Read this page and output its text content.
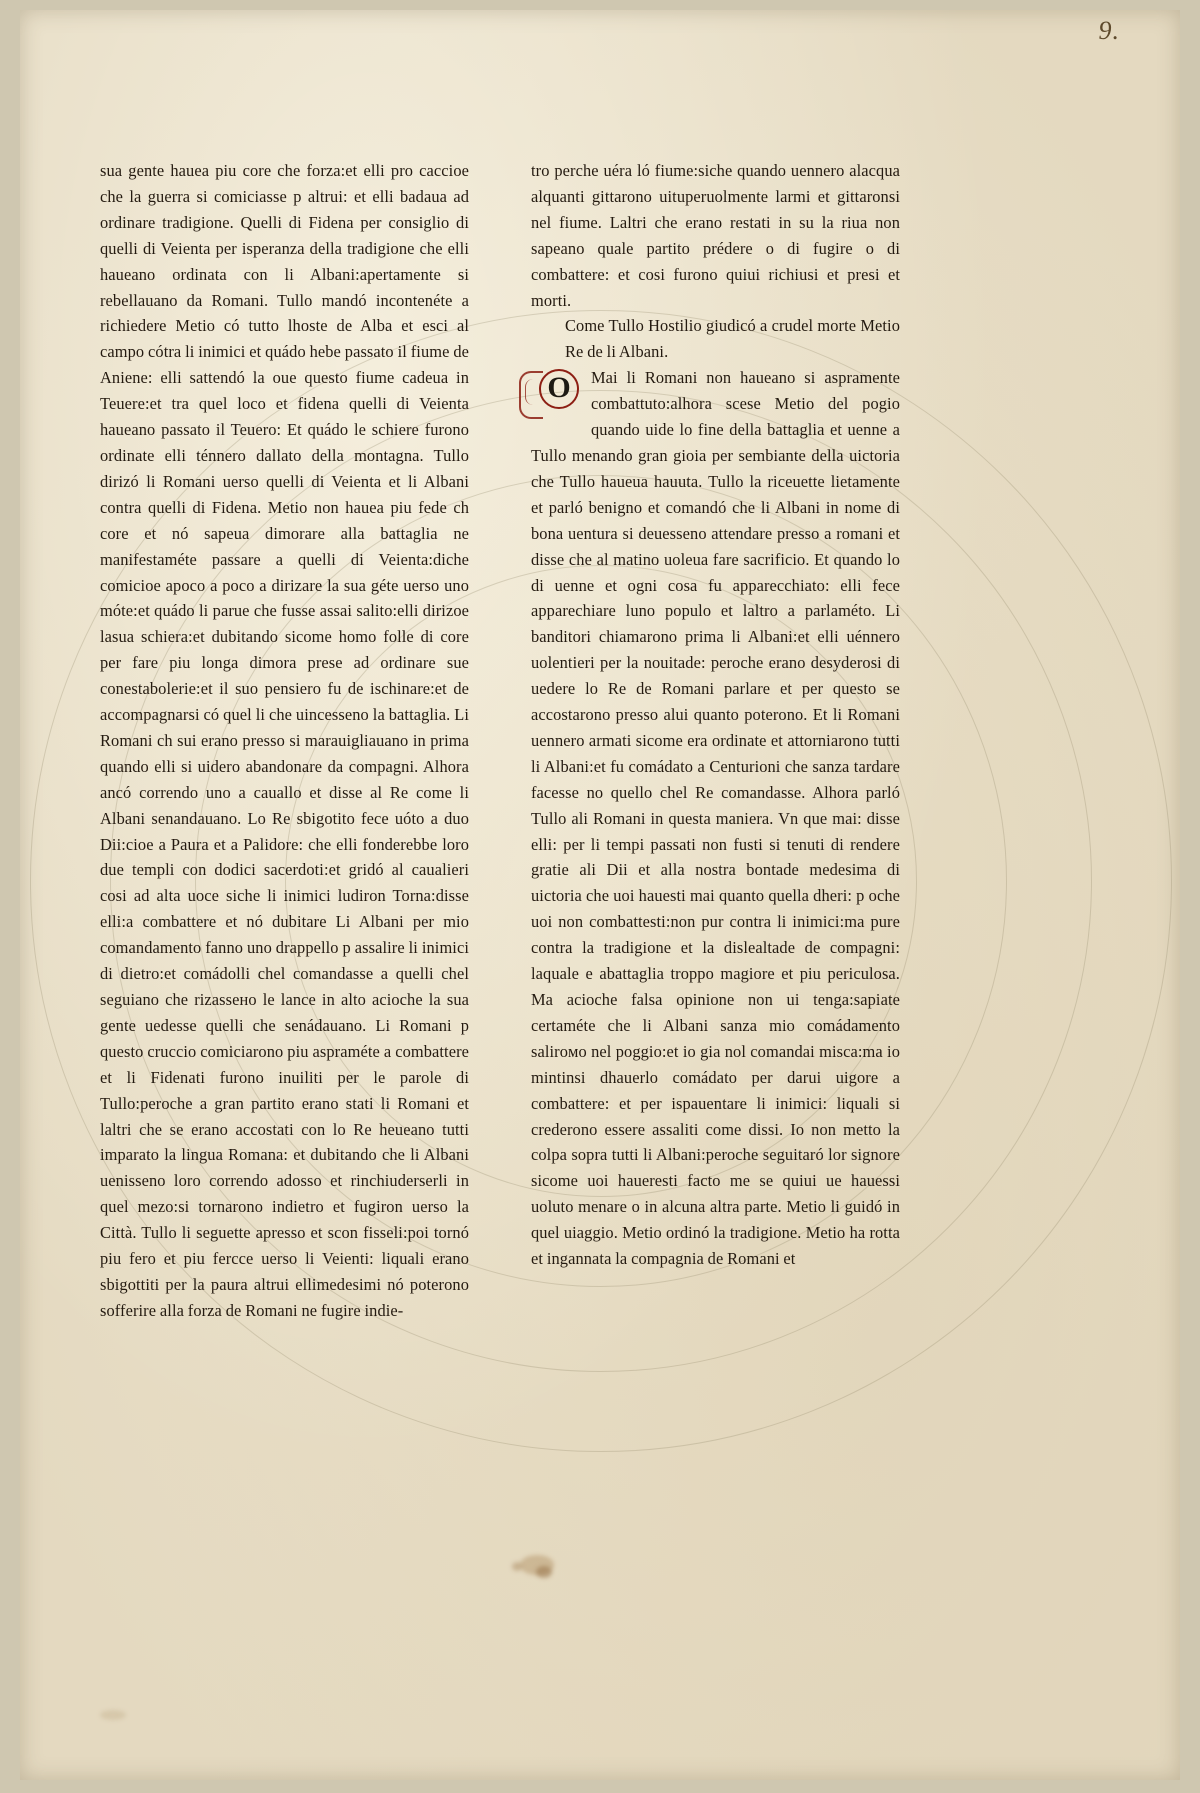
9.

sua gente hauea piu core che forza:et elli pro caccioe che la guerra si comiciasse p altrui: et elli badaua ad ordinare tradigione. Quelli di Fidena per consiglio di quelli di Veienta per isperanza della tradigione che elli haueano ordinata con li Albani:apertamente si rebellauano da Romani. Tullo mandó incontenéte a richiedere Metio có tutto lhoste de Alba et esci al campo cótra li inimici et quádo hebe passato il fiume de Aniene: elli sattendó la oue questo fiume cadeua in Teuere:et tra quel loco et fidena quelli di Veienta haueano passato il Teuero: Et quádo le schiere furono ordinate elli ténnero dallato della montagna. Tullo dirizó li Romani uerso quelli di Veienta et li Albani contra quelli di Fidena. Metio non hauea piu fede ch core et nó sapeua dimorare alla battaglia ne manifestaméte passare a quelli di Veienta:diche comicioe apoco a poco a dirizare la sua géte uerso uno móte:et quádo li parue che fusse assai salito:elli dirizoe lasua schiera:et dubitando sicome homo folle di core per fare piu longa dimora prese ad ordinare sue conestabolerie:et il suo pensiero fu de ischinare:et de accompagnarsi có quel li che uincesseno la battaglia. Li Romani ch sui erano presso si marauigliauano in prima quando elli si uidero abandonare da compagni. Alhora ancó correndo uno a cauallo et disse al Re come li Albani senandauano. Lo Re sbigotito fece uóto a duo Dii:cioe a Paura et a Palidore: che elli fonderebbe loro due templi con dodici sacerdoti:et gridó al caualieri cosi ad alta uoce siche li inimici ludiron Torna:disse elli:a combattere et nó dubitare Li Albani per mio comandamento fanno uno drappello p assalire li inimici di dietro:et comádolli chel comandasse a quelli chel seguiano che rizassено le lance in alto aciochе la sua gente uedesse quelli che senádauano. Li Romani p questo cruccio comiciarono piu aspraméte a combattere et li Fidenati furono inuiliti per le parole di Tullo:peroche a gran partito erano stati li Romani et laltri che se erano accostati con lo Re heueano tutti imparato la lingua Romana: et dubitando che li Albani uenisseno loro correndo adosso et rinchiuderserli in quel mezo:si tornarono indietro et fugiron uerso la Città. Tullo li seguette apresso et scon fisseli:poi tornó piu fero et piu fercce uerso li Veienti: liquali erano sbigottiti per la paura altrui ellimedesimi nó poterono sofferire alla forza de Romani ne fugire indie-

tro perche uéra ló fiume:siche quando uennero alacqua alquanti gittarono uituperuolmente larmi et gittaronsi nel fiume. Laltri che erano restati in su la riua non sapeano quale partito prédere o di fugire o di combattere: et cosi furono quiui richiusi et presi et morti.

Come Tullo Hostilio giudicó a crudel morte Metio Re de li Albani.

O	Mai li Romani non haueano si aspramente combattuto:alhora scese Metio del pogio quando uide lo fine della battaglia et uenne a Tullo menando gran gioia per sembiante della uictoria che Tullo haueua hauuta. Tullo la riceuette lietamente et parló benigno et comandó che li Albani in nome di bona uentura si deuesseno attendare presso a romani et disse che al matino uoleua fare sacrificio. Et quando lo di uenne et ogni cosa fu apparecchiato: elli fece apparechiare luno populo et laltro a parlaméto. Li banditori chiamarono prima li Albani:et elli uénnero uolentieri per la nouitade: peroche erano desyderosi di uedere lo Re de Romani parlare et per questo se accostarono presso alui quanto poterono. Et li Romani uennero armati sicome era ordinate et attorniarono tutti li Albani:et fu comádato a Centurioni che sanza tardare facesse no quello chel Re comandasse. Alhora parló Tullo ali Romani in questa maniera. Vn que mai: disse elli: per li tempi passati non fusti si tenuti di rendere gratie ali Dii et alla nostra bontade medesima di uictoria che uoi hauesti mai quanto quella dheri: p oche uoi non combattesti:non pur contra li inimici:ma pure contra la tradigione et la dislealtade de compagni: laquale e abattaglia troppo magiore et piu periculosa. Ma aciochе falsa opinione non ui tenga:sapiate certaméte che li Albani sanza mio comádamento saliroмо nel poggio:et io gia nol comandai misca:ma io mintinsi dhauerlo comádato per darui uigore a combattere: et per ispauentare li inimici: liquali si crederono essere assaliti come dissi. Io non metto la colpa sopra tutti li Albani:peroche seguitaró lor signore sicome uoi hauеresti facto me se quiui ue hauessi uoluto menare o in alcuna altra parte. Metio li guidó in quel uiaggio. Metio ordinó la tradigione. Metio ha rotta et ingannata la compagnia de Romani et
